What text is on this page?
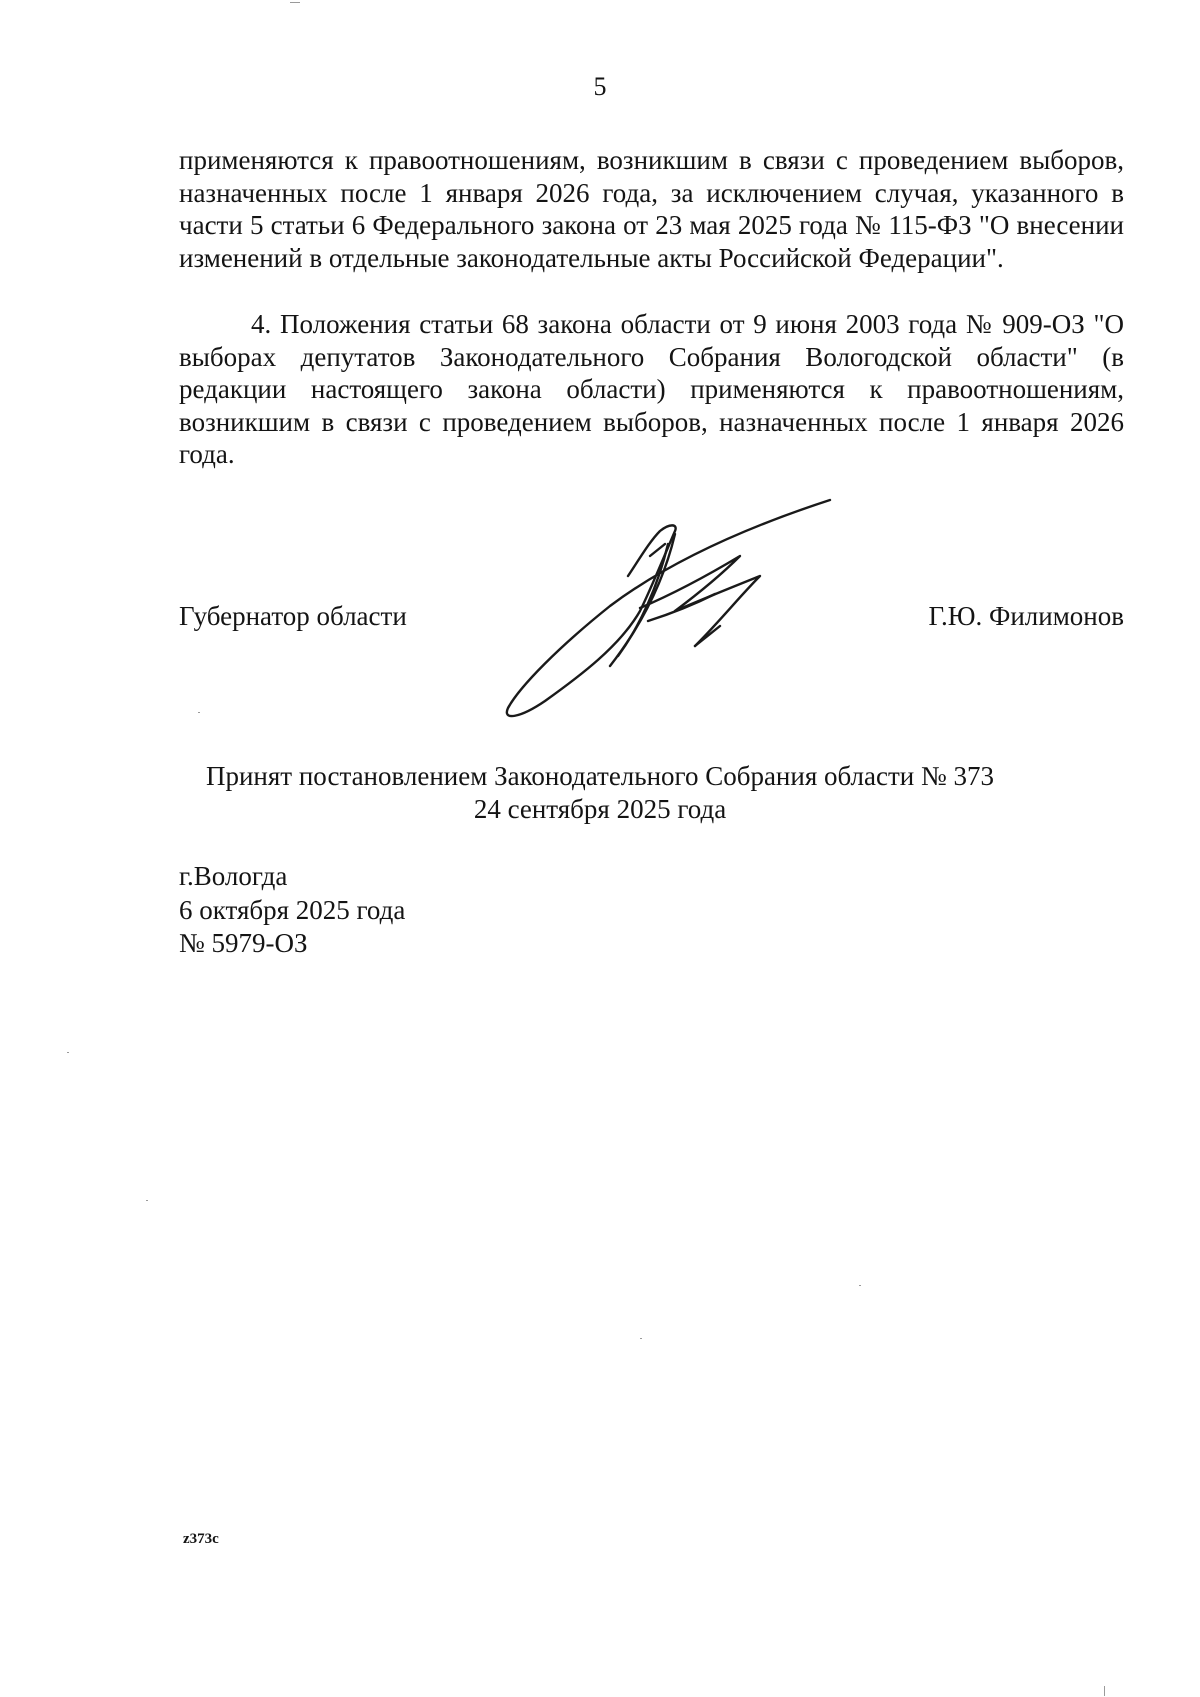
5

применяются к правоотношениям, возникшим в связи с проведением выборов, назначенных после 1 января 2026 года, за исключением случая, указанного в части 5 статьи 6 Федерального закона от 23 мая 2025 года № 115-ФЗ "О внесении изменений в отдельные законодательные акты Российской Федерации".

4. Положения статьи 68 закона области от 9 июня 2003 года № 909-ОЗ "О выборах депутатов Законодательного Собрания Вологодской области" (в редакции настоящего закона области) применяются к правоотношениям, возникшим в связи с проведением выборов, назначенных после 1 января 2026 года.

Губернатор области	Г.Ю. Филимонов
Принят постановлением Законодательного Собрания области № 373
24 сентября 2025 года
г.Вологда
6 октября 2025 года
№ 5979-ОЗ
z373c
